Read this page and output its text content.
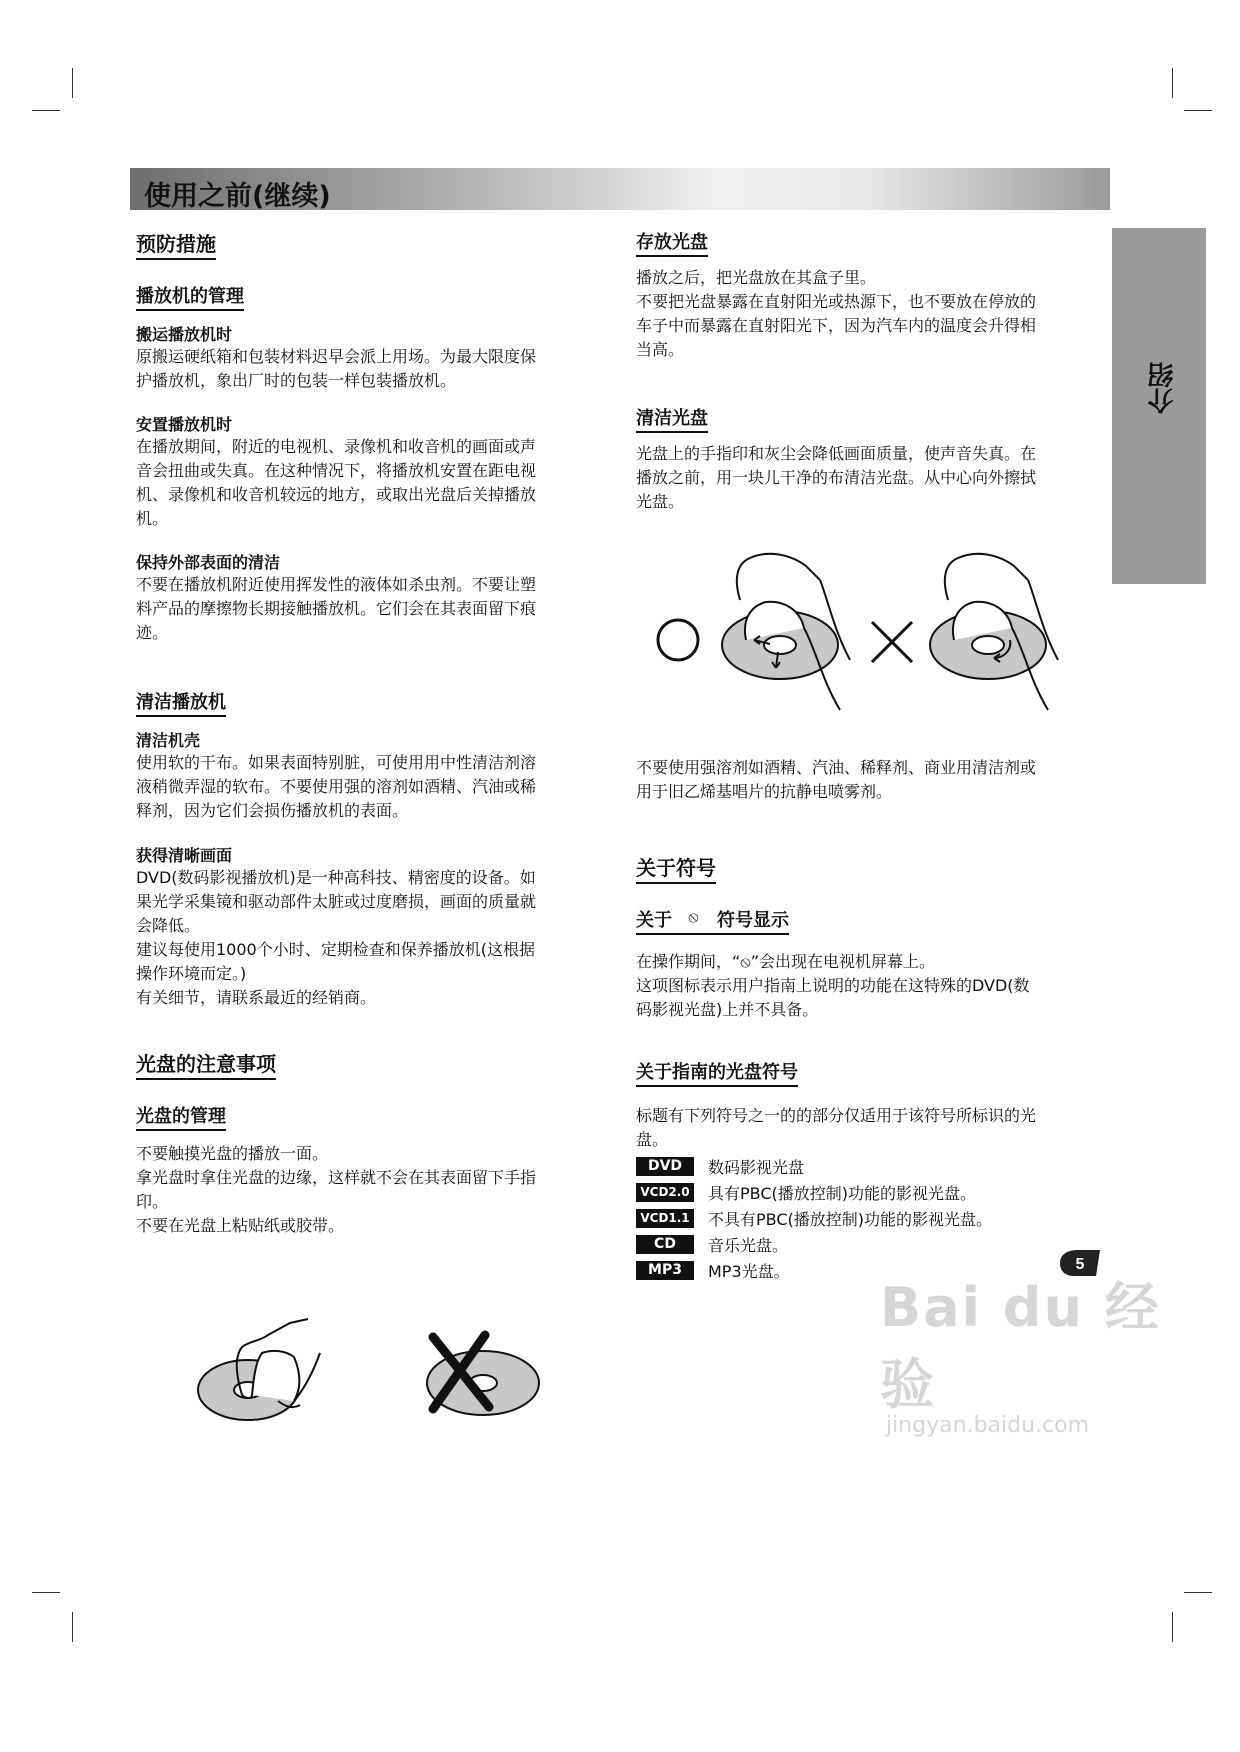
使用之前(继续)
介绍
预防措施
播放机的管理
搬运播放机时
原搬运硬纸箱和包装材料迟早会派上用场。为最大限度保
护播放机，象出厂时的包装一样包装播放机。
安置播放机时
在播放期间，附近的电视机、录像机和收音机的画面或声
音会扭曲或失真。在这种情况下，将播放机安置在距电视
机、录像机和收音机较远的地方，或取出光盘后关掉播放
机。
保持外部表面的清洁
不要在播放机附近使用挥发性的液体如杀虫剂。不要让塑
料产品的摩擦物长期接触播放机。它们会在其表面留下痕
迹。
清洁播放机
清洁机壳
使用软的干布。如果表面特别脏，可使用用中性清洁剂溶
液稍微弄湿的软布。不要使用强的溶剂如酒精、汽油或稀
释剂，因为它们会损伤播放机的表面。
获得清晰画面
DVD(数码影视播放机)是一种高科技、精密度的设备。如
果光学采集镜和驱动部件太脏或过度磨损，画面的质量就
会降低。
建议每使用1000个小时、定期检查和保养播放机(这根据
操作环境而定。)
有关细节，请联系最近的经销商。
光盘的注意事项
光盘的管理
不要触摸光盘的播放一面。
拿光盘时拿住光盘的边缘，这样就不会在其表面留下手指
印。
不要在光盘上粘贴纸或胶带。
存放光盘
播放之后，把光盘放在其盒子里。
不要把光盘暴露在直射阳光或热源下，也不要放在停放的
车子中而暴露在直射阳光下，因为汽车内的温度会升得相
当高。
清洁光盘
光盘上的手指印和灰尘会降低画面质量，使声音失真。在
播放之前，用一块儿干净的布清洁光盘。从中心向外擦拭
光盘。
不要使用强溶剂如酒精、汽油、稀释剂、商业用清洁剂或
用于旧乙烯基唱片的抗静电喷雾剂。
关于符号
关于 ⦸ 符号显示
在操作期间，“⦸”会出现在电视机屏幕上。
这项图标表示用户指南上说明的功能在这特殊的DVD(数
码影视光盘)上并不具备。
关于指南的光盘符号
标题有下列符号之一的的部分仅适用于该符号所标识的光
盘。
DVD	数码影视光盘
VCD2.0 具有PBC(播放控制)功能的影视光盘。
VCD1.1 不具有PBC(播放控制)功能的影视光盘。
CD	音乐光盘。
MP3	MP3光盘。	5
Bai du 经验
jingyan.baidu.com
